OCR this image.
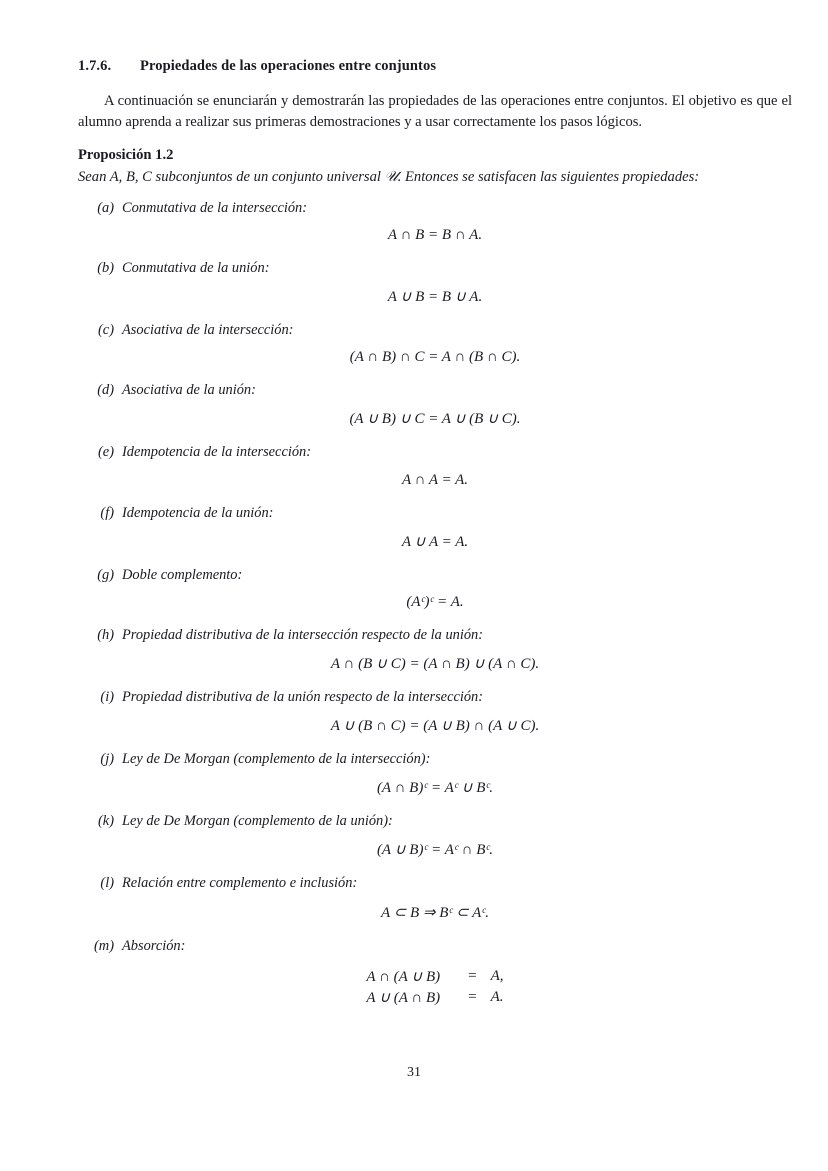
1.7.6. Propiedades de las operaciones entre conjuntos

A continuación se enunciarán y demostrarán las propiedades de las operaciones entre conjuntos. El objetivo es que el alumno aprenda a realizar sus primeras demostraciones y a usar correctamente los pasos lógicos.

Proposición 1.2
Sean A, B, C subconjuntos de un conjunto universal 𝒰. Entonces se satisfacen las siguientes propiedades:
(a) Conmutativa de la intersección:
A ∩ B = B ∩ A.
(b) Conmutativa de la unión:
A ∪ B = B ∪ A.
(c) Asociativa de la intersección:
(A ∩ B) ∩ C = A ∩ (B ∩ C).
(d) Asociativa de la unión:
(A ∪ B) ∪ C = A ∪ (B ∪ C).
(e) Idempotencia de la intersección:
A ∩ A = A.
(f) Idempotencia de la unión:
A ∪ A = A.
(g) Doble complemento:
(Aᶜ)ᶜ = A.
(h) Propiedad distributiva de la intersección respecto de la unión:
A ∩ (B ∪ C) = (A ∩ B) ∪ (A ∩ C).
(i) Propiedad distributiva de la unión respecto de la intersección:
A ∪ (B ∩ C) = (A ∪ B) ∩ (A ∪ C).
(j) Ley de De Morgan (complemento de la intersección):
(A ∩ B)ᶜ = Aᶜ ∪ Bᶜ.
(k) Ley de De Morgan (complemento de la unión):
(A ∪ B)ᶜ = Aᶜ ∩ Bᶜ.
(l) Relación entre complemento e inclusión:
A ⊂ B ⇒ Bᶜ ⊂ Aᶜ.
(m) Absorción:
A ∩ (A ∪ B)	=	A,
A ∪ (A ∩ B)	=	A.
31
